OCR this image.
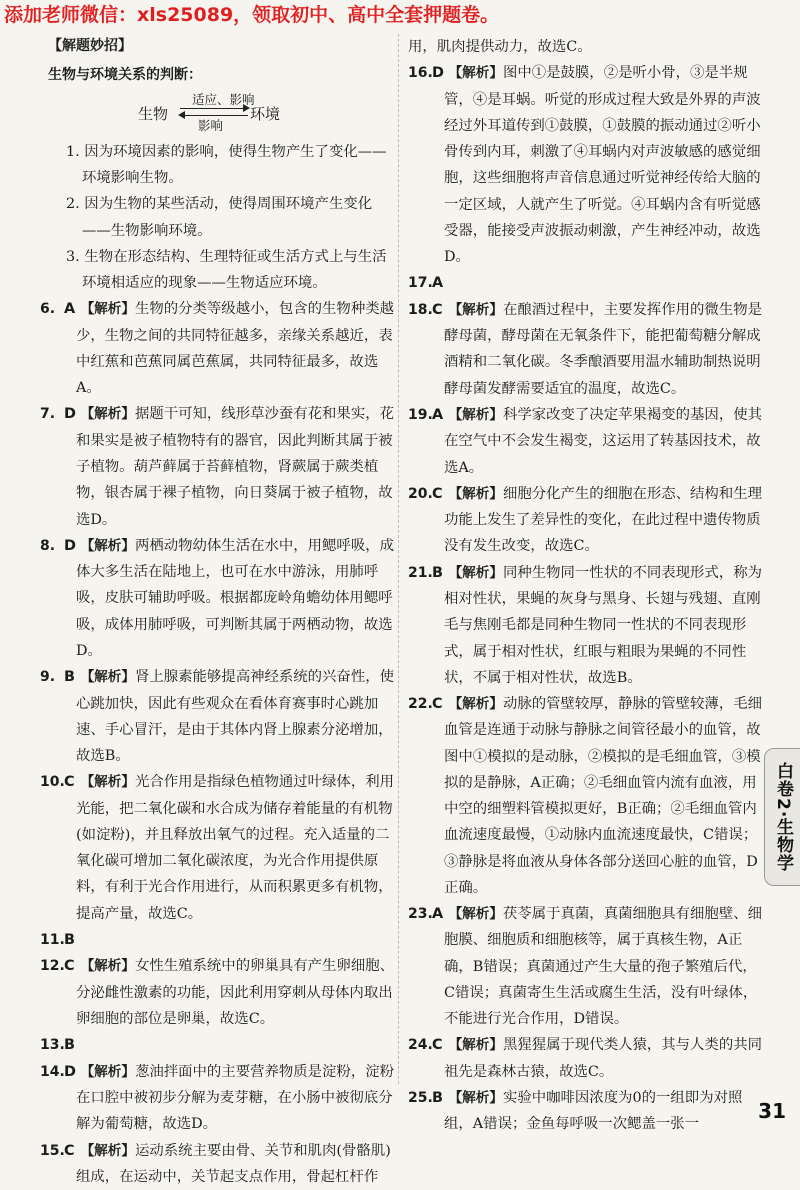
添加老师微信：xls25089，领取初中、高中全套押题卷。
【解题妙招】
生物与环境关系的判断：
生物
适应、影响
影响
环境
1. 因为环境因素的影响，使得生物产生了变化——环境影响生物。
2. 因为生物的某些活动，使得周围环境产生变化——生物影响环境。
3. 生物在形态结构、生理特征或生活方式上与生活环境相适应的现象——生物适应环境。
6. A 【解析】生物的分类等级越小，包含的生物种类越少，生物之间的共同特征越多，亲缘关系越近，表中红蕉和芭蕉同属芭蕉属，共同特征最多，故选A。
7. D 【解析】据题干可知，线形草沙蚕有花和果实，花和果实是被子植物特有的器官，因此判断其属于被子植物。葫芦藓属于苔藓植物，肾蕨属于蕨类植物，银杏属于裸子植物，向日葵属于被子植物，故选D。
8. D 【解析】两栖动物幼体生活在水中，用鳃呼吸，成体大多生活在陆地上，也可在水中游泳，用肺呼吸，皮肤可辅助呼吸。根据都庞岭角蟾幼体用鳃呼吸，成体用肺呼吸，可判断其属于两栖动物，故选D。
9. B 【解析】肾上腺素能够提高神经系统的兴奋性，使心跳加快，因此有些观众在看体育赛事时心跳加速、手心冒汗，是由于其体内肾上腺素分泌增加，故选B。
10.C 【解析】光合作用是指绿色植物通过叶绿体，利用光能，把二氧化碳和水合成为储存着能量的有机物(如淀粉)，并且释放出氧气的过程。充入适量的二氧化碳可增加二氧化碳浓度，为光合作用提供原料，有利于光合作用进行，从而积累更多有机物，提高产量，故选C。
11.B
12.C 【解析】女性生殖系统中的卵巢具有产生卵细胞、分泌雌性激素的功能，因此利用穿刺从母体内取出卵细胞的部位是卵巢，故选C。
13.B
14.D 【解析】葱油拌面中的主要营养物质是淀粉，淀粉在口腔中被初步分解为麦芽糖，在小肠中被彻底分解为葡萄糖，故选D。
15.C 【解析】运动系统主要由骨、关节和肌肉(骨骼肌)组成，在运动中，关节起支点作用，骨起杠杆作
用，肌肉提供动力，故选C。
16.D 【解析】图中①是鼓膜，②是听小骨，③是半规管，④是耳蜗。听觉的形成过程大致是外界的声波经过外耳道传到①鼓膜，①鼓膜的振动通过②听小骨传到内耳，刺激了④耳蜗内对声波敏感的感觉细胞，这些细胞将声音信息通过听觉神经传给大脑的一定区域，人就产生了听觉。④耳蜗内含有听觉感受器，能接受声波振动刺激，产生神经冲动，故选D。
17.A
18.C 【解析】在酿酒过程中，主要发挥作用的微生物是酵母菌，酵母菌在无氧条件下，能把葡萄糖分解成酒精和二氧化碳。冬季酿酒要用温水辅助制热说明酵母菌发酵需要适宜的温度，故选C。
19.A 【解析】科学家改变了决定苹果褐变的基因，使其在空气中不会发生褐变，这运用了转基因技术，故选A。
20.C 【解析】细胞分化产生的细胞在形态、结构和生理功能上发生了差异性的变化，在此过程中遗传物质没有发生改变，故选C。
21.B 【解析】同种生物同一性状的不同表现形式，称为相对性状，果蝇的灰身与黑身、长翅与残翅、直刚毛与焦刚毛都是同种生物同一性状的不同表现形式，属于相对性状，红眼与粗眼为果蝇的不同性状，不属于相对性状，故选B。
22.C 【解析】动脉的管壁较厚，静脉的管壁较薄，毛细血管是连通于动脉与静脉之间管径最小的血管，故图中①模拟的是动脉，②模拟的是毛细血管，③模拟的是静脉，A正确；②毛细血管内流有血液，用中空的细塑料管模拟更好，B正确；②毛细血管内血流速度最慢，①动脉内血流速度最快，C错误；③静脉是将血液从身体各部分送回心脏的血管，D正确。
23.A 【解析】茯苓属于真菌，真菌细胞具有细胞壁、细胞膜、细胞质和细胞核等，属于真核生物，A正确，B错误；真菌通过产生大量的孢子繁殖后代，C错误；真菌寄生生活或腐生生活，没有叶绿体，不能进行光合作用，D错误。
24.C 【解析】黑猩猩属于现代类人猿，其与人类的共同祖先是森林古猿，故选C。
25.B 【解析】实验中咖啡因浓度为0的一组即为对照组，A错误；金鱼每呼吸一次鳃盖一张一
白卷2·生物学
31
